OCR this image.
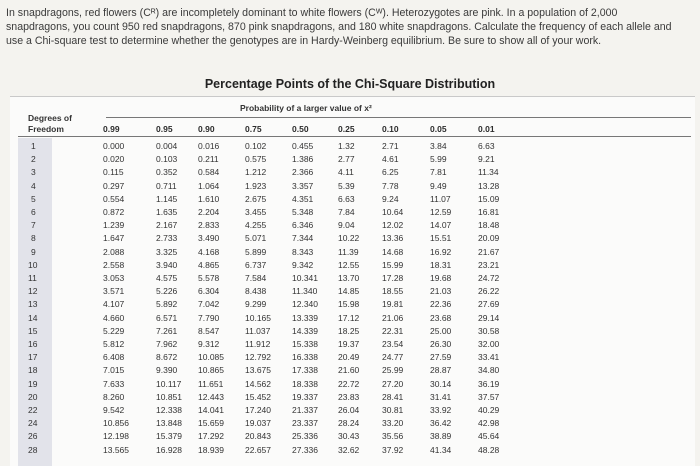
In snapdragons, red flowers (Cᴿ) are incompletely dominant to white flowers (Cᵂ). Heterozygotes are pink. In a population of 2,000

snapdragons, you count 950 red snapdragons, 870 pink snapdragons, and 180 white snapdragons. Calculate the frequency of each allele and

use a Chi-square test to determine whether the genotypes are in Hardy-Weinberg equilibrium. Be sure to show all of your work.

Percentage Points of the Chi-Square Distribution
Probability of a larger value of x²
Degrees of
Freedom	0.99	0.95	0.90	0.75	0.50	0.25	0.10	0.05	0.01
1	0.000	0.004 0.016	0.102	0.455	1.32	2.71	3.84	6.63
2	0.020	0.103 0.211	0.575	1.386	2.77	4.61	5.99	9.21
3	0.115	0.352 0.584	1.212	2.366	4.11	6.25	7.81	11.34
4	0.297	0.711	1.064	1.923	3.357	5.39	7.78	9.49	13.28
5	0.554	1.145 1.610	2.675	4.351	6.63	9.24	11.07	15.09
6	0.872	1.635 2.204	3.455	5.348	7.84	10.64	12.59	16.81
7	1.239	2.167 2.833	4.255	6.346	9.04	12.02	14.07	18.48
8	1.647	2.733 3.490	5.071	7.344	10.22	13.36	15.51	20.09
9	2.088	3.325 4.168	5.899	8.343	11.39	14.68	16.92	21.67
10	2.558	3.940 4.865	6.737	9.342	12.55	15.99	18.31	23.21
11	3.053	4.575 5.578	7.584	10.341 13.70	17.28	19.68	24.72
12	3.571	5.226 6.304	8.438	11.340 14.85	18.55	21.03	26.22
13	4.107	5.892 7.042	9.299	12.340 15.98	19.81	22.36	27.69
14	4.660	6.571 7.790	10.165 13.339 17.12	21.06	23.68	29.14
15	5.229	7.261 8.547	11.037	14.339 18.25	22.31	25.00	30.58
16	5.812	7.962 9.312	11.912	15.338 19.37	23.54	26.30	32.00
17	6.408	8.672 10.085 12.792 16.338 20.49	24.77	27.59	33.41
18	7.015	9.390 10.865 13.675 17.338 21.60	25.99	28.87	34.80
19	7.633	10.117 11.651	14.562 18.338 22.72	27.20	30.14	36.19
20	8.260	10.851 12.443 15.452 19.337 23.83	28.41	31.41	37.57
22	9.542	12.338 14.041 17.240 21.337 26.04	30.81	33.92	40.29
24	10.856	13.848 15.659 19.037 23.337 28.24	33.20	36.42	42.98
26	12.198	15.379 17.292 20.843 25.336 30.43	35.56	38.89	45.64
28	13.565	16.928 18.939 22.657 27.336 32.62	37.92	41.34	48.28
